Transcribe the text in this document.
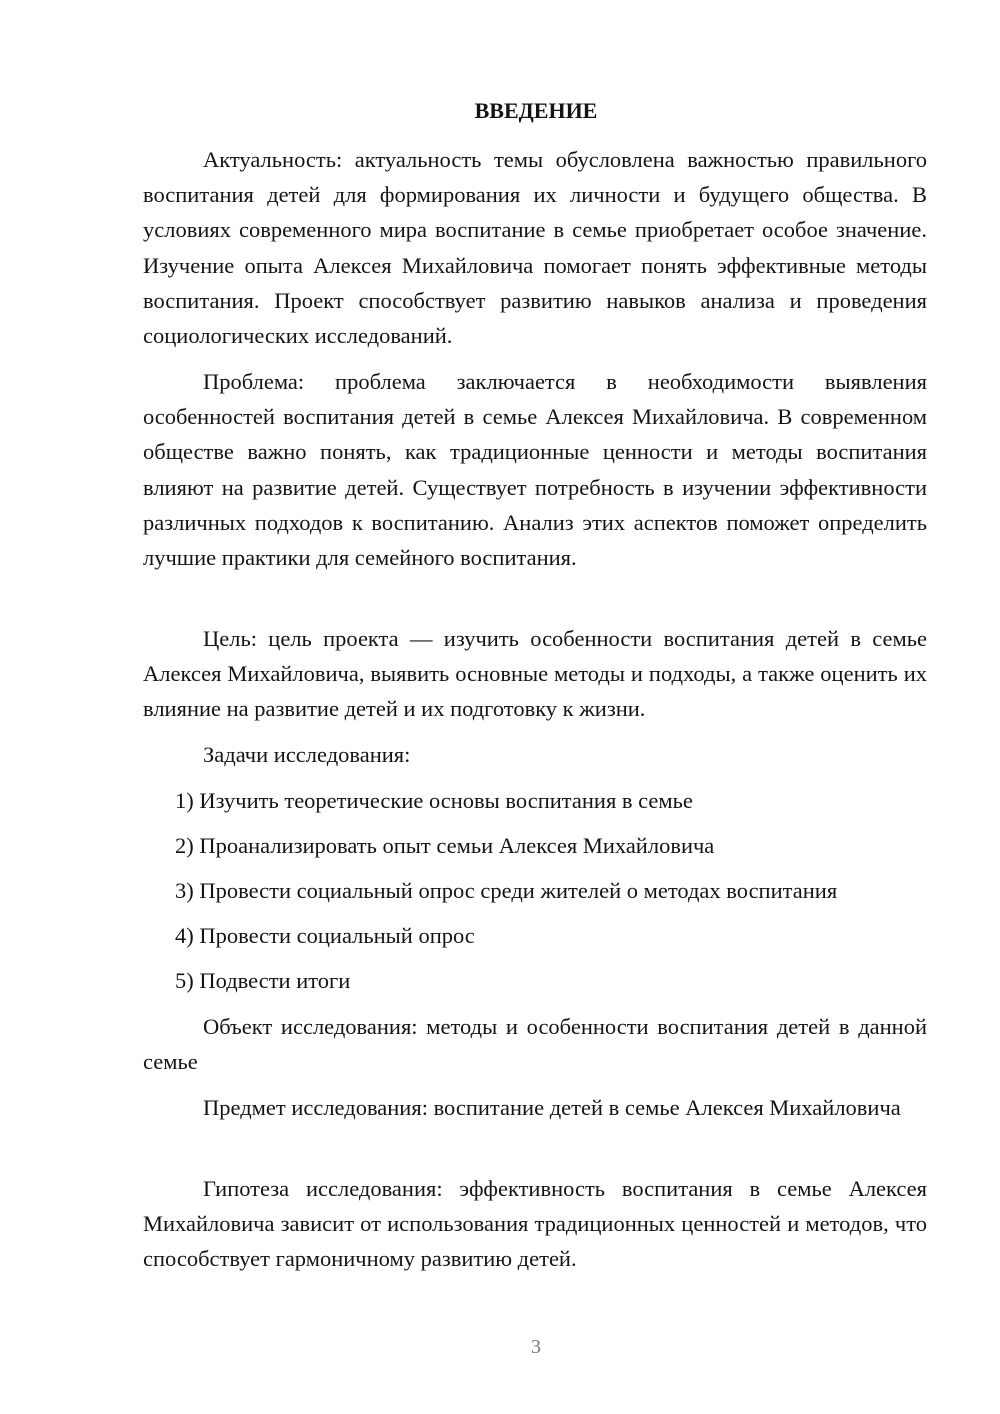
ВВЕДЕНИЕ

Актуальность: актуальность темы обусловлена важностью правильного воспитания детей для формирования их личности и будущего общества. В условиях современного мира воспитание в семье приобретает особое значение. Изучение опыта Алексея Михайловича помогает понять эффективные методы воспитания. Проект способствует развитию навыков анализа и проведения социологических исследований.

Проблема: проблема заключается в необходимости выявления особенностей воспитания детей в семье Алексея Михайловича. В современном обществе важно понять, как традиционные ценности и методы воспитания влияют на развитие детей. Существует потребность в изучении эффективности различных подходов к воспитанию. Анализ этих аспектов поможет определить лучшие практики для семейного воспитания.

Цель: цель проекта — изучить особенности воспитания детей в семье Алексея Михайловича, выявить основные методы и подходы, а также оценить их влияние на развитие детей и их подготовку к жизни.

Задачи исследования:

1) Изучить теоретические основы воспитания в семье

2) Проанализировать опыт семьи Алексея Михайловича

3) Провести социальный опрос среди жителей о методах воспитания

4) Провести социальный опрос

5) Подвести итоги

Объект исследования: методы и особенности воспитания детей в данной семье

Предмет исследования: воспитание детей в семье Алексея Михайловича

Гипотеза исследования: эффективность воспитания в семье Алексея Михайловича зависит от использования традиционных ценностей и методов, что способствует гармоничному развитию детей.

3
